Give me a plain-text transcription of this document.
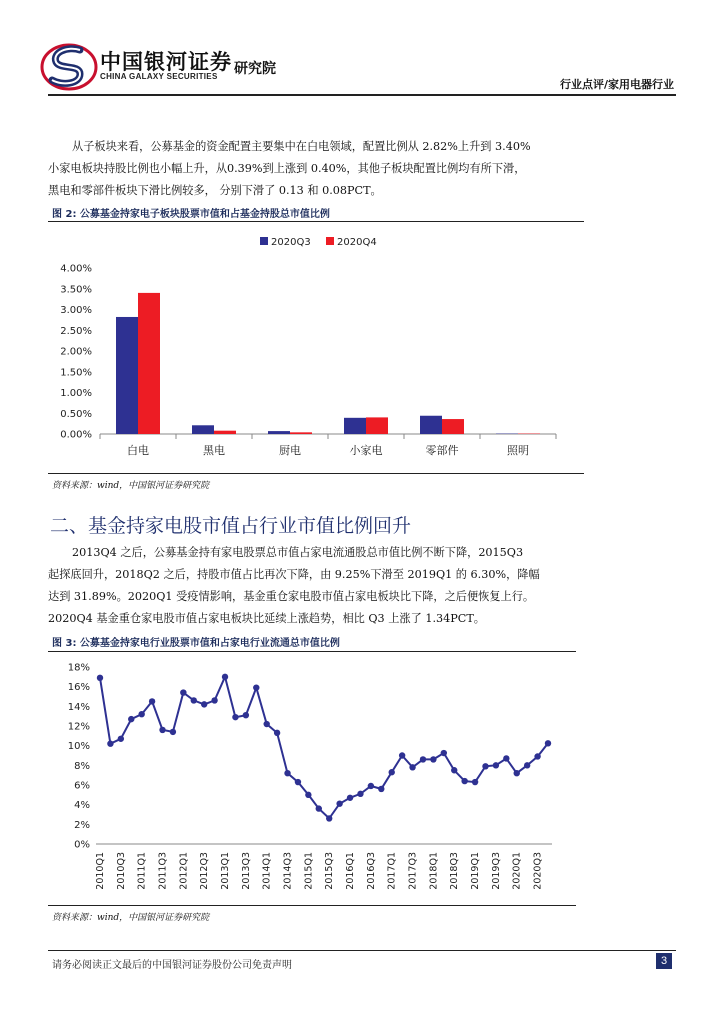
中国银河证券
CHINA GALAXY SECURITIES 研究院
行业点评/家用电器行业

从子板块来看，公募基金的资金配置主要集中在白电领域，配置比例从 2.82%上升到 3.40%

小家电板块持股比例也小幅上升，从0.39%到上涨到 0.40%，其他子板块配置比例均有所下滑，

黑电和零部件板块下滑比例较多， 分别下滑了 0.13 和 0.08PCT。

图 2: 公募基金持家电子板块股票市值和占基金持股总市值比例
2020Q3	2020Q4
0.00%
0.50%
1.00%
1.50%
2.00%
2.50%
3.00%
3.50%
4.00%
白电	黑电	厨电	小家电	零部件	照明
资料来源：wind，中国银河证券研究院
二、基金持家电股市值占行业市值比例回升

2013Q4 之后，公募基金持有家电股票总市值占家电流通股总市值比例不断下降，2015Q3

起探底回升，2018Q2 之后，持股市值占比再次下降，由 9.25%下滑至 2019Q1 的 6.30%，降幅

达到 31.89%。2020Q1 受疫情影响，基金重仓家电股市值占家电板块比下降，之后便恢复上行。

2020Q4 基金重仓家电股市值占家电板块比延续上涨趋势，相比 Q3 上涨了 1.34PCT。

图 3: 公募基金持家电行业股票市值和占家电行业流通总市值比例
0%
2%
4%
6%
8%
10%
12%
14%
16%
18%
2010Q1 2010Q3 2011Q1 2011Q3 2012Q1 2012Q3 2013Q1 2013Q3 2014Q1 2014Q3 2015Q1 2015Q3 2016Q1 2016Q3 2017Q1 2017Q3 2018Q1 2018Q3 2019Q1 2019Q3 2020Q1 2020Q3
资料来源：wind，中国银河证券研究院
请务必阅读正文最后的中国银河证券股份公司免责声明	3
